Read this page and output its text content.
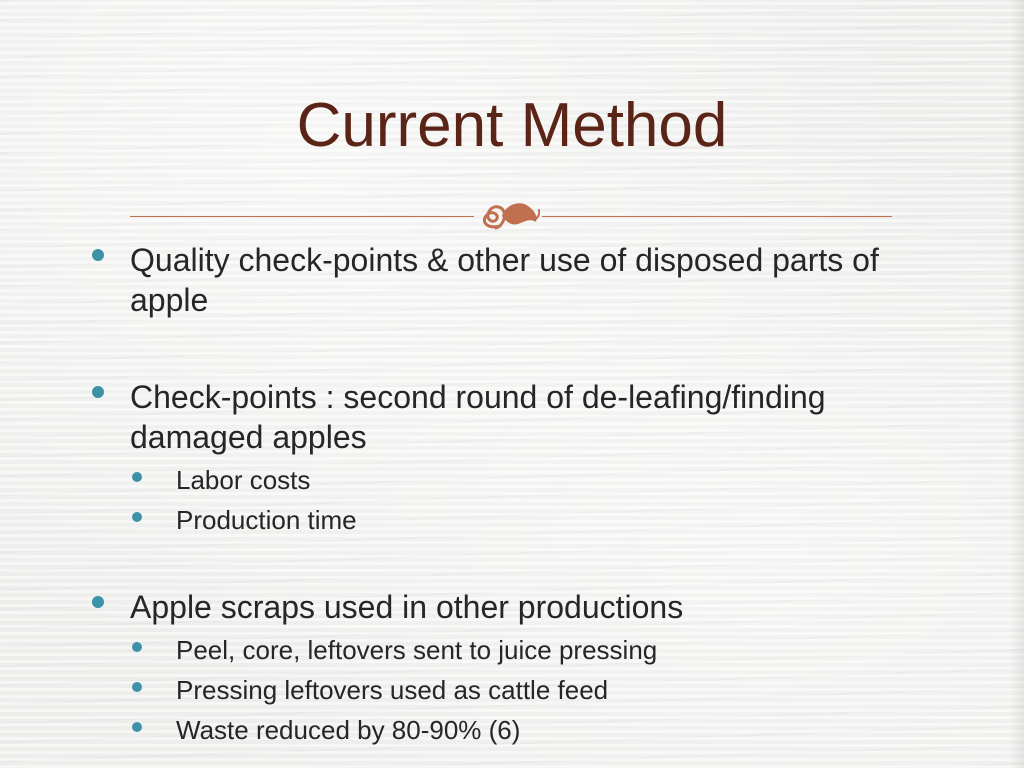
Current Method
Quality check-points & other use of disposed parts of apple
Check-points : second round of de-leafing/finding damaged apples
Labor costs
Production time
Apple scraps used in other productions
Peel, core, leftovers sent to juice pressing
Pressing leftovers used as cattle feed
Waste reduced by 80-90% (6)
